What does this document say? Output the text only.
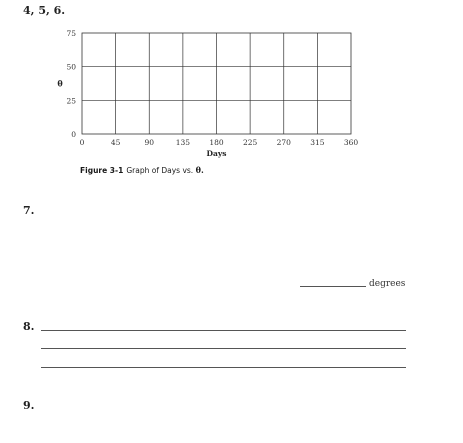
4, 5, 6.
0	45	90	135	180	225	270	315	360
0
25
50
75
Days
θ
Figure 3-1 Graph of Days vs. θ.
7.
degrees
8.
9.
